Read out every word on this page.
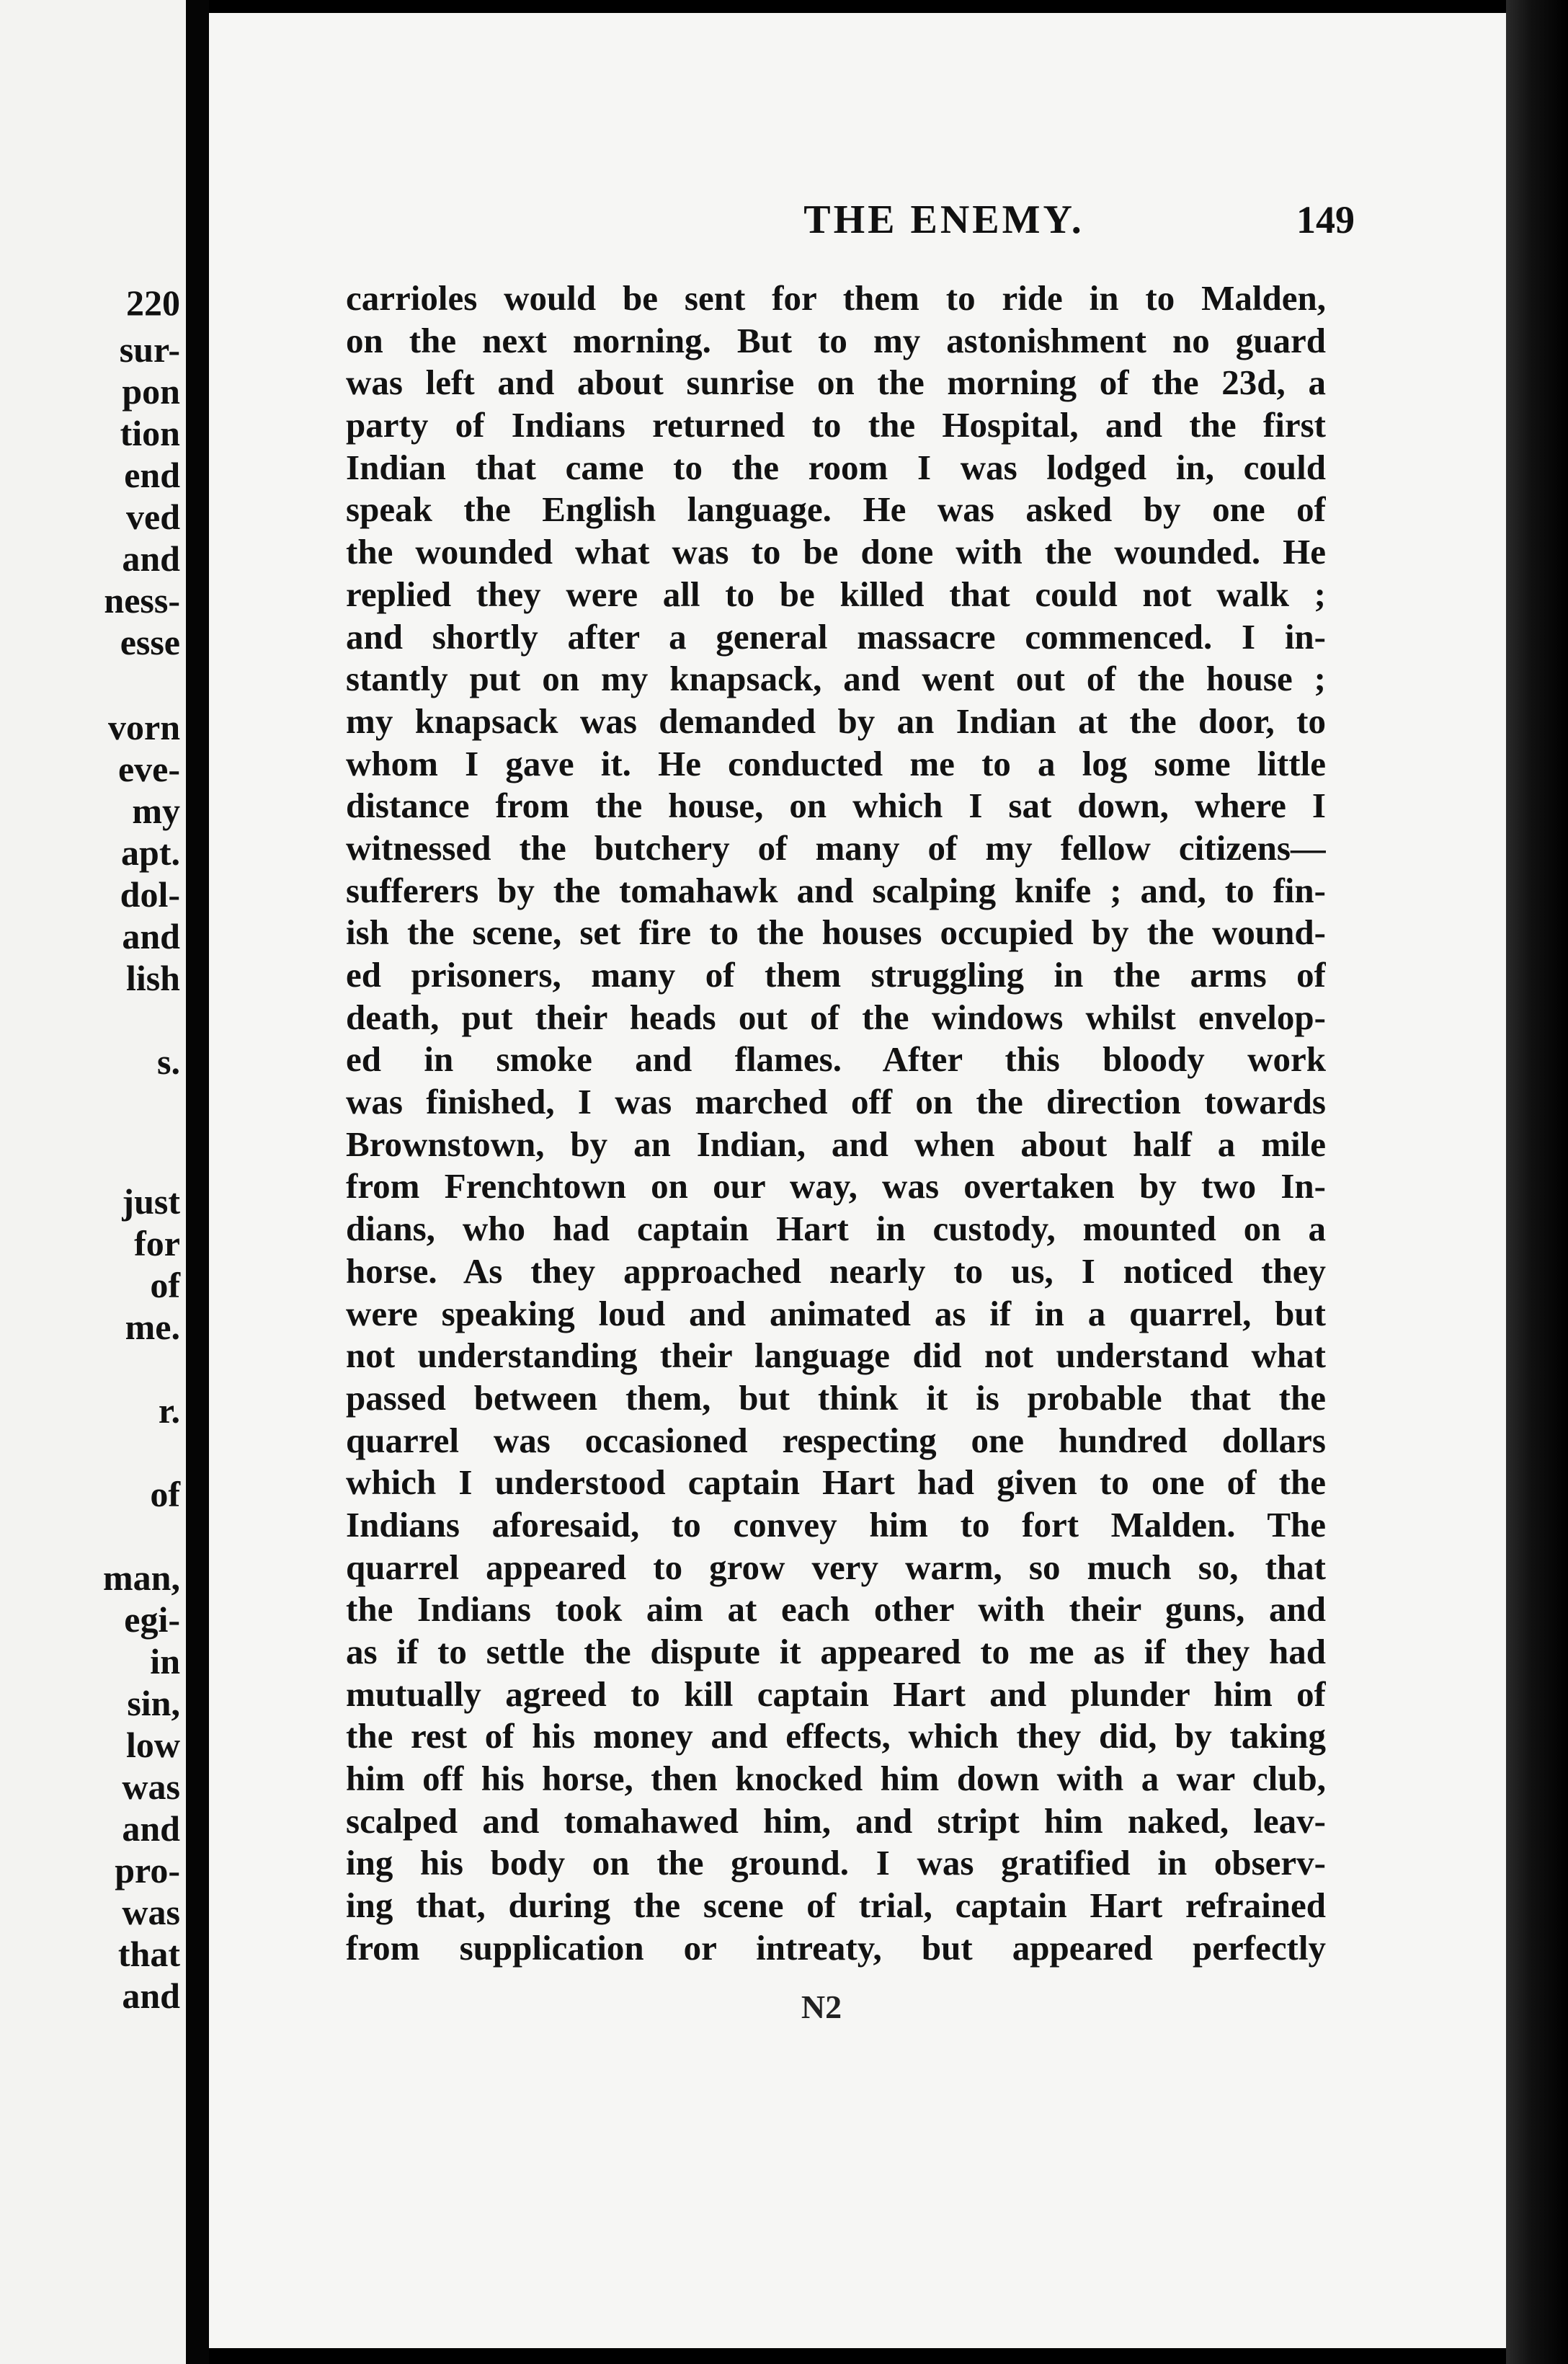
220
sur-
pon
tion
end
ved
and
ness-
esse
vorn
eve-
my
apt.
dol-
and
lish
s.
just
for
of
me.
r.
of
man,
egi-
in
sin,
low
was
and
pro-
was
that
and
THE ENEMY.	149
carrioles would be sent for them to ride in to Malden,
on the next morning. But to my astonishment no guard
was left and about sunrise on the morning of the 23d, a
party of Indians returned to the Hospital, and the first
Indian that came to the room I was lodged in, could
speak the English language. He was asked by one of
the wounded what was to be done with the wounded. He
replied they were all to be killed that could not walk ;
and shortly after a general massacre commenced. I in-
stantly put on my knapsack, and went out of the house ;
my knapsack was demanded by an Indian at the door, to
whom I gave it. He conducted me to a log some little
distance from the house, on which I sat down, where I
witnessed the butchery of many of my fellow citizens—
sufferers by the tomahawk and scalping knife ; and, to fin-
ish the scene, set fire to the houses occupied by the wound-
ed prisoners, many of them struggling in the arms of
death, put their heads out of the windows whilst envelop-
ed in smoke and flames. After this bloody work
was finished, I was marched off on the direction towards
Brownstown, by an Indian, and when about half a mile
from Frenchtown on our way, was overtaken by two In-
dians, who had captain Hart in custody, mounted on a
horse. As they approached nearly to us, I noticed they
were speaking loud and animated as if in a quarrel, but
not understanding their language did not understand what
passed between them, but think it is probable that the
quarrel was occasioned respecting one hundred dollars
which I understood captain Hart had given to one of the
Indians aforesaid, to convey him to fort Malden. The
quarrel appeared to grow very warm, so much so, that
the Indians took aim at each other with their guns, and
as if to settle the dispute it appeared to me as if they had
mutually agreed to kill captain Hart and plunder him of
the rest of his money and effects, which they did, by taking
him off his horse, then knocked him down with a war club,
scalped and tomahawed him, and stript him naked, leav-
ing his body on the ground. I was gratified in observ-
ing that, during the scene of trial, captain Hart refrained
from supplication or intreaty, but appeared perfectly
N2
